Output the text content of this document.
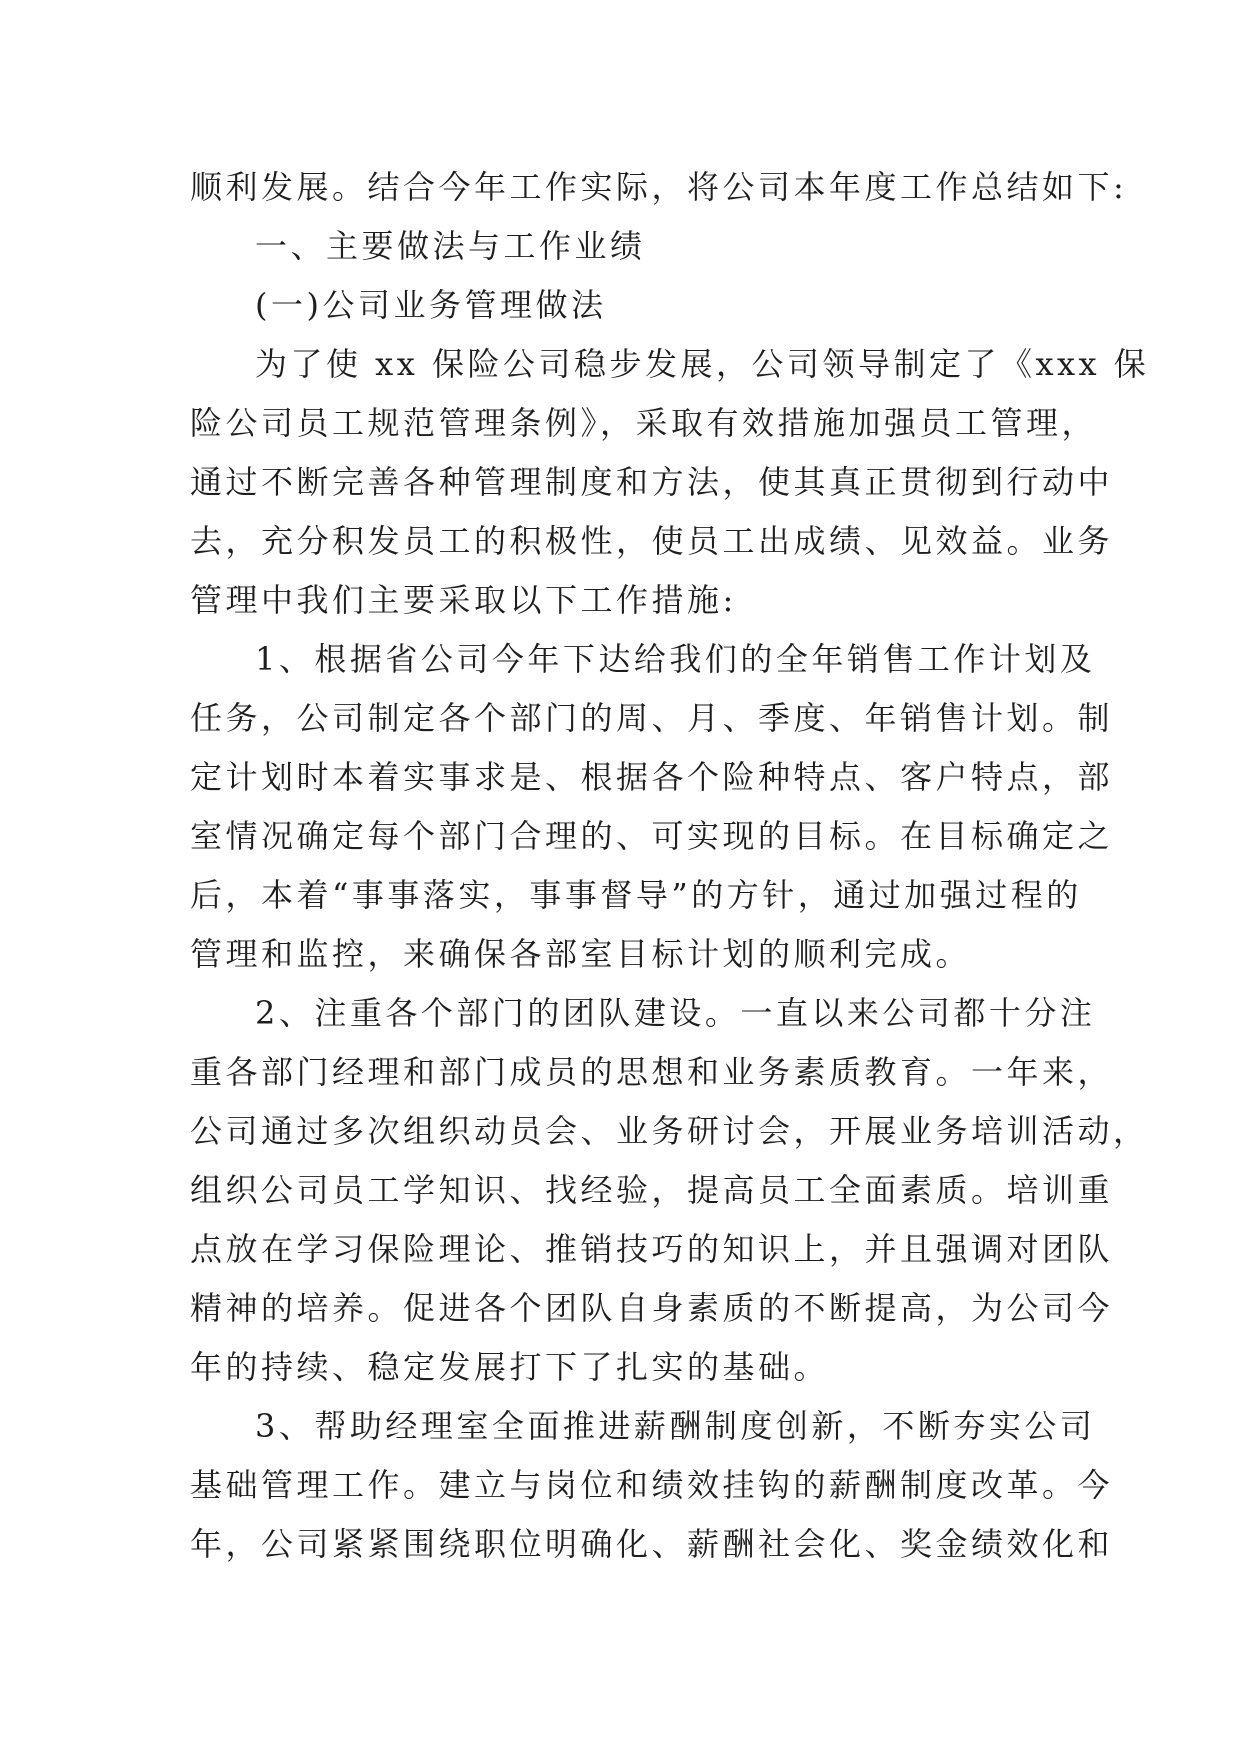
顺利发展。结合今年工作实际，将公司本年度工作总结如下:
一、主要做法与工作业绩
(一)公司业务管理做法
为了使 xx 保险公司稳步发展，公司领导制定了《xxx 保
险公司员工规范管理条例》，采取有效措施加强员工管理，
通过不断完善各种管理制度和方法，使其真正贯彻到行动中
去，充分积发员工的积极性，使员工出成绩、见效益。业务
管理中我们主要采取以下工作措施:
1、根据省公司今年下达给我们的全年销售工作计划及
任务，公司制定各个部门的周、月、季度、年销售计划。制
定计划时本着实事求是、根据各个险种特点、客户特点，部
室情况确定每个部门合理的、可实现的目标。在目标确定之
后，本着“事事落实，事事督导”的方针，通过加强过程的
管理和监控，来确保各部室目标计划的顺利完成。
2、注重各个部门的团队建设。一直以来公司都十分注
重各部门经理和部门成员的思想和业务素质教育。一年来，
公司通过多次组织动员会、业务研讨会，开展业务培训活动，
组织公司员工学知识、找经验，提高员工全面素质。培训重
点放在学习保险理论、推销技巧的知识上，并且强调对团队
精神的培养。促进各个团队自身素质的不断提高，为公司今
年的持续、稳定发展打下了扎实的基础。
3、帮助经理室全面推进薪酬制度创新，不断夯实公司
基础管理工作。建立与岗位和绩效挂钩的薪酬制度改革。今
年，公司紧紧围绕职位明确化、薪酬社会化、奖金绩效化和
